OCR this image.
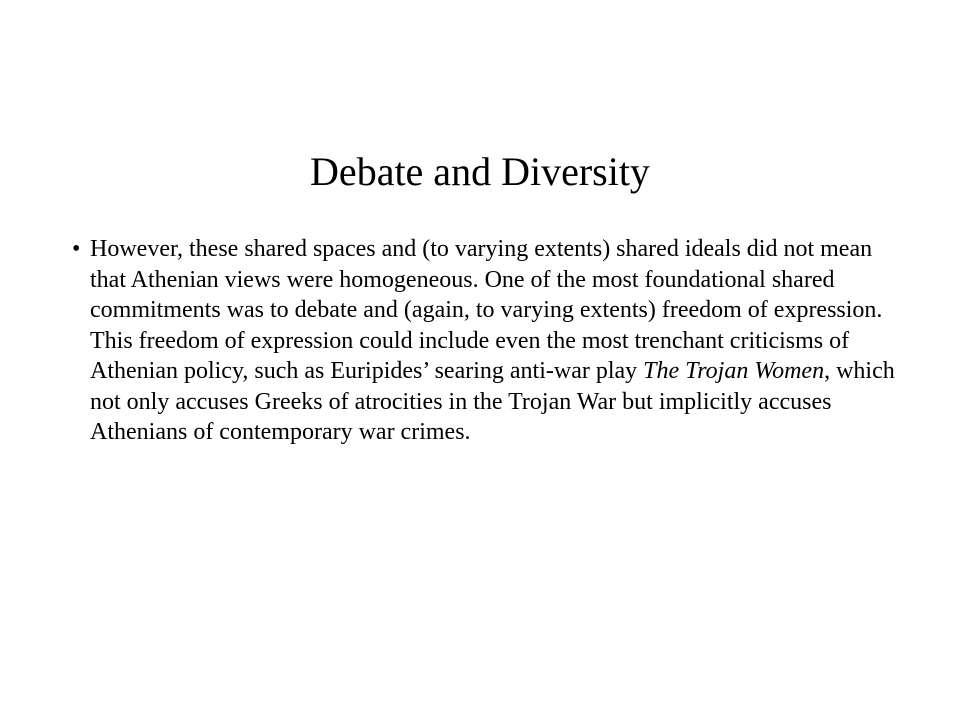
Debate and Diversity
• However, these shared spaces and (to varying extents) shared ideals did not mean that Athenian views were homogeneous. One of the most foundational shared commitments was to debate and (again, to varying extents) freedom of expression. This freedom of expression could include even the most trenchant criticisms of Athenian policy, such as Euripides’ searing anti-war play The Trojan Women, which not only accuses Greeks of atrocities in the Trojan War but implicitly accuses Athenians of contemporary war crimes.
